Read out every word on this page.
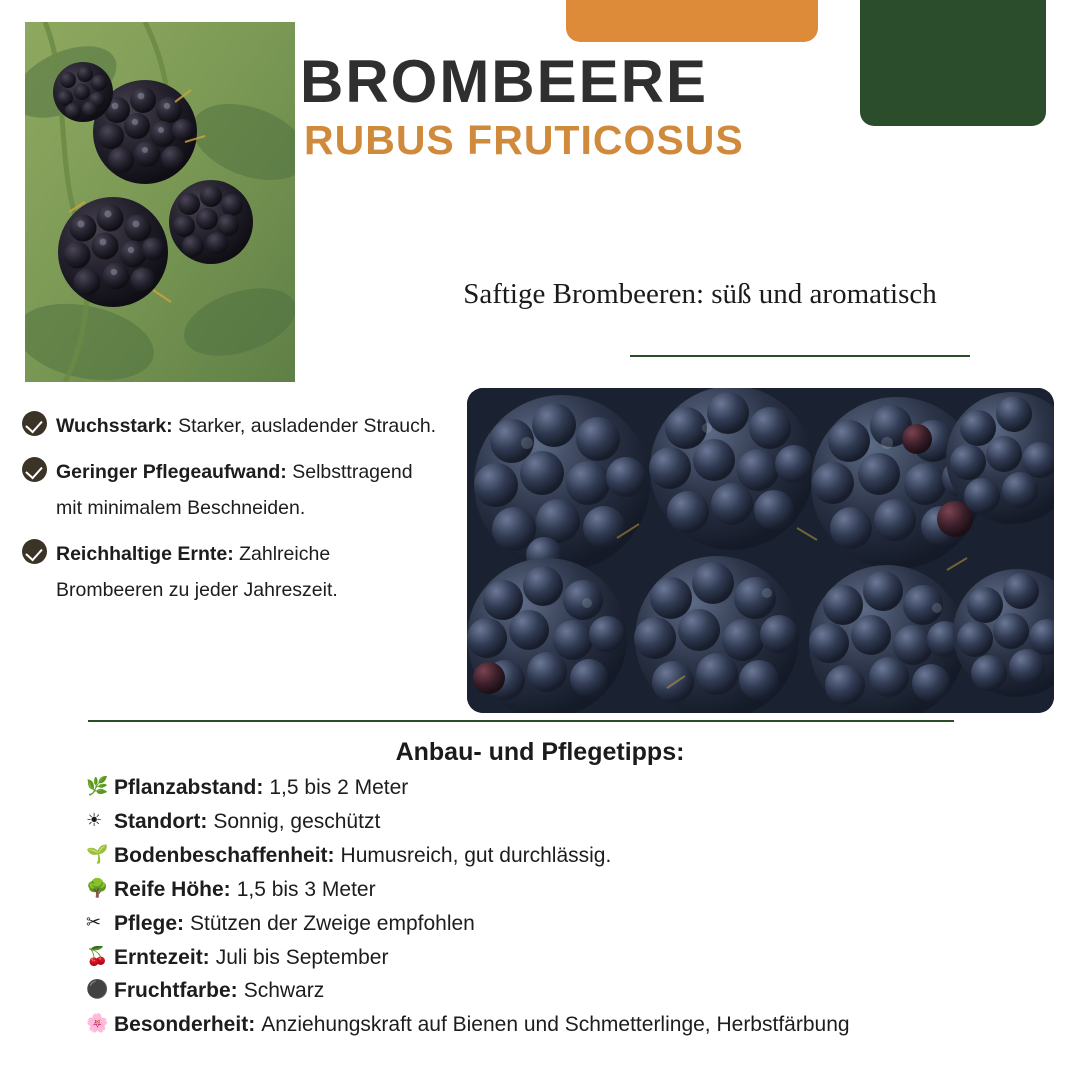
BROMBEERE
RUBUS FRUTICOSUS
Saftige Brombeeren: süß und aromatisch
Wuchsstark: Starker, ausladender Strauch.
Geringer Pflegeaufwand: Selbsttragend mit minimalem Beschneiden.
Reichhaltige Ernte: Zahlreiche Brombeeren zu jeder Jahreszeit.
Anbau- und Pflegetipps:
🌿 Pflanzabstand: 1,5 bis 2 Meter
☀ Standort: Sonnig, geschützt
🌱 Bodenbeschaffenheit: Humusreich, gut durchlässig.
🌳 Reife Höhe: 1,5 bis 3 Meter
✂ Pflege: Stützen der Zweige empfohlen
🍒 Erntezeit: Juli bis September
⚫ Fruchtfarbe: Schwarz
🌸 Besonderheit: Anziehungskraft auf Bienen und Schmetterlinge, Herbstfärbung
